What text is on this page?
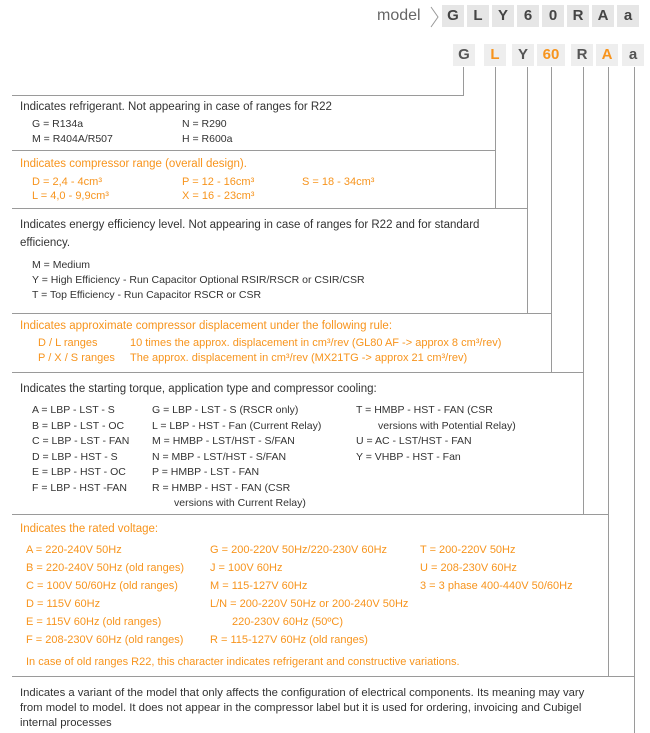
model	G L	Y	6	0	R A	a
G	L	Y 60	R A	a
Indicates refrigerant. Not appearing in case of ranges for R22
G = R134a	N = R290
M = R404A/R507	H = R600a
Indicates compressor range (overall design).
D = 2,4 - 4cm³	P = 12 - 16cm³	S = 18 - 34cm³
L = 4,0 - 9,9cm³	X = 16 - 23cm³
Indicates energy efficiency level. Not appearing in case of ranges for R22 and for standard
efficiency.
M = Medium
Y = High Efficiency - Run Capacitor Optional RSIR/RSCR or CSIR/CSR
T = Top Efficiency - Run Capacitor RSCR or CSR
Indicates approximate compressor displacement under the following rule:
D / L ranges	10 times the approx. displacement in cm³/rev (GL80 AF -> approx 8 cm³/rev)
P / X / S ranges The approx. displacement in cm³/rev (MX21TG -> approx 21 cm³/rev)
Indicates the starting torque, application type and compressor cooling:
A = LBP - LST - S
B = LBP - LST - OC
C = LBP - LST - FAN
D = LBP - HST - S
E = LBP - HST - OC
F = LBP - HST -FAN
G = LBP - LST - S (RSCR only)
L = LBP - HST - Fan (Current Relay)
M = HMBP - LST/HST - S/FAN
N = MBP - LST/HST - S/FAN
P = HMBP - LST - FAN
R = HMBP - HST - FAN (CSR
versions with Current Relay)
T = HMBP - HST - FAN (CSR
versions with Potential Relay)
U = AC - LST/HST - FAN
Y = VHBP - HST - Fan
Indicates the rated voltage:
A = 220-240V 50Hz
B = 220-240V 50Hz (old ranges)
C = 100V 50/60Hz (old ranges)
D = 115V 60Hz
E = 115V 60Hz (old ranges)
F = 208-230V 60Hz (old ranges)
G = 200-220V 50Hz/220-230V 60Hz
J = 100V 60Hz
M = 115-127V 60Hz
L/N = 200-220V 50Hz or 200-240V 50Hz
220-230V 60Hz (50ºC)
R = 115-127V 60Hz (old ranges)
T = 200-220V 50Hz
U = 208-230V 60Hz
3 = 3 phase 400-440V 50/60Hz
In case of old ranges R22, this character indicates refrigerant and constructive variations.
Indicates a variant of the model that only affects the configuration of electrical components. Its meaning may vary
from model to model. It does not appear in the compressor label but it is used for ordering, invoicing and Cubigel
internal processes
